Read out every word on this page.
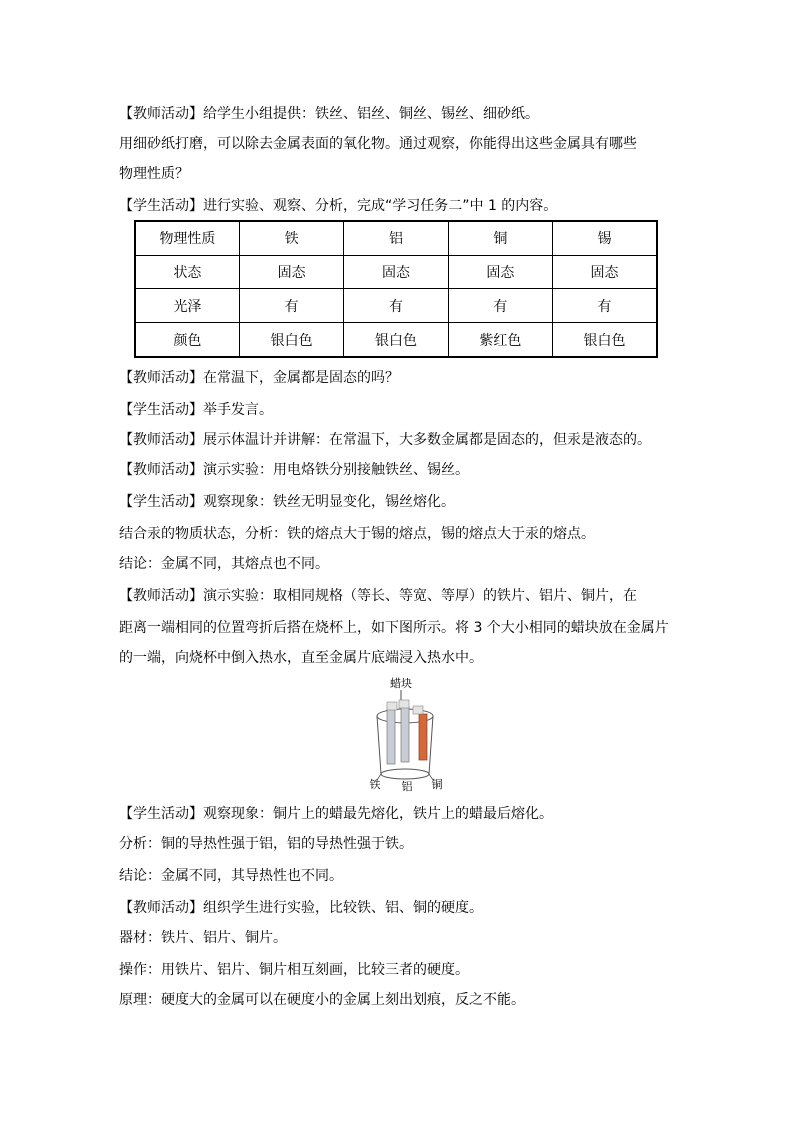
【教师活动】给学生小组提供：铁丝、铝丝、铜丝、锡丝、细砂纸。

用细砂纸打磨，可以除去金属表面的氧化物。通过观察，你能得出这些金属具有哪些

物理性质？

【学生活动】进行实验、观察、分析，完成“学习任务二”中 1 的内容。

物理性质	铁	铝	铜	锡
状态	固态	固态	固态	固态
光泽	有	有	有	有
颜色	银白色	银白色	紫红色	银白色

【教师活动】在常温下，金属都是固态的吗？

【学生活动】举手发言。

【教师活动】展示体温计并讲解：在常温下，大多数金属都是固态的，但汞是液态的。

【教师活动】演示实验：用电烙铁分别接触铁丝、锡丝。

【学生活动】观察现象：铁丝无明显变化，锡丝熔化。

结合汞的物质状态，分析：铁的熔点大于锡的熔点，锡的熔点大于汞的熔点。

结论：金属不同，其熔点也不同。

【教师活动】演示实验：取相同规格（等长、等宽、等厚）的铁片、铝片、铜片，在

距离一端相同的位置弯折后搭在烧杯上，如下图所示。将 3 个大小相同的蜡块放在金属片

的一端，向烧杯中倒入热水，直至金属片底端浸入热水中。

蜡块
铁 铝 铜

【学生活动】观察现象：铜片上的蜡最先熔化，铁片上的蜡最后熔化。

分析：铜的导热性强于铝，铝的导热性强于铁。

结论：金属不同，其导热性也不同。

【教师活动】组织学生进行实验，比较铁、铝、铜的硬度。

器材：铁片、铝片、铜片。

操作：用铁片、铝片、铜片相互刻画，比较三者的硬度。

原理：硬度大的金属可以在硬度小的金属上刻出划痕，反之不能。
